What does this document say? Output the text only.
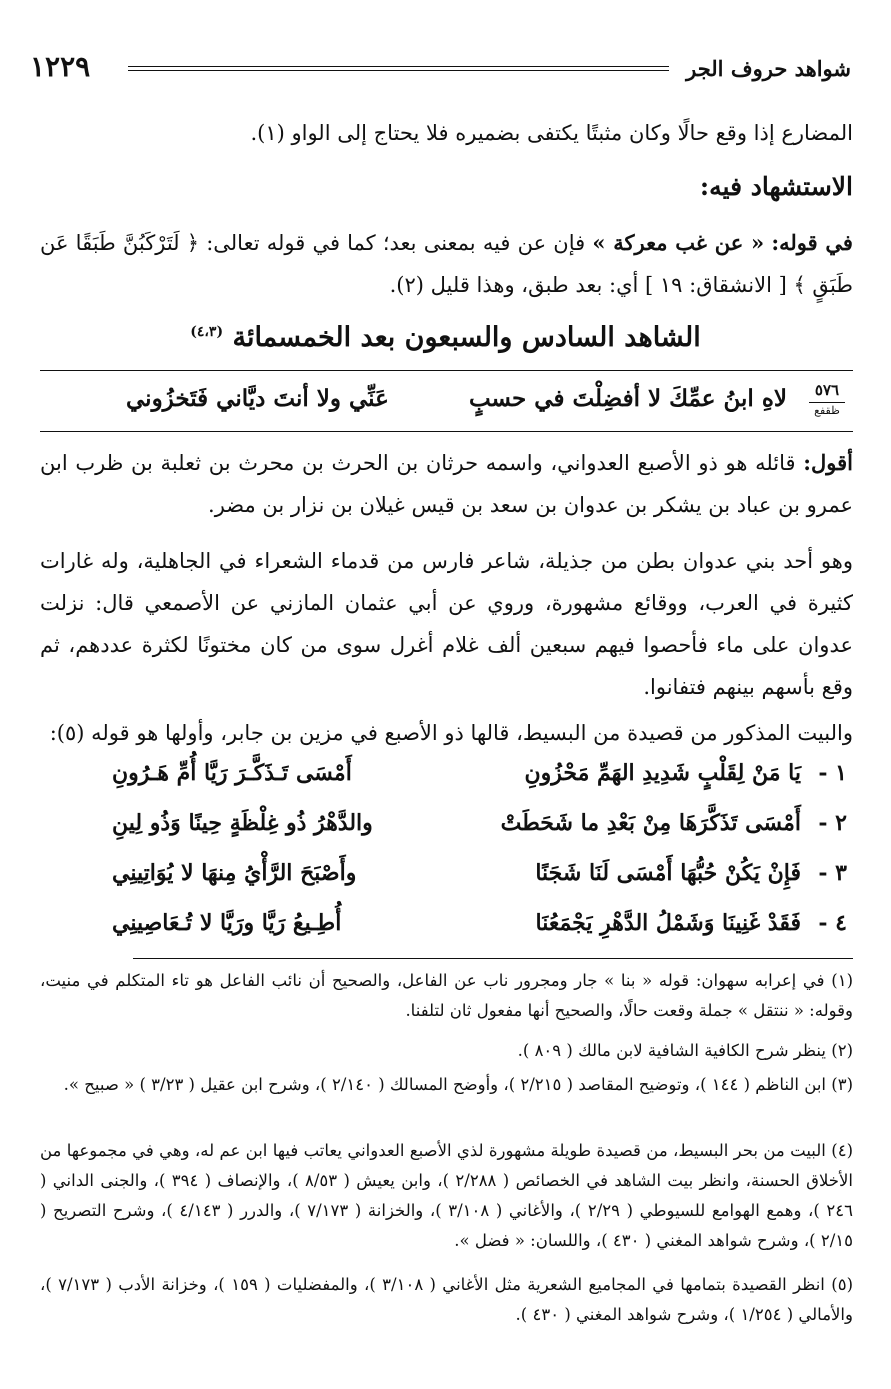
شواهد حروف الجر
١٢٢٩

المضارع إذا وقع حالًا وكان مثبتًا يكتفى بضميره فلا يحتاج إلى الواو (١).

الاستشهاد فيه:

في قوله: « عن غب معركة » فإن عن فيه بمعنى بعد؛ كما في قوله تعالى: ﴿ لَتَرْكَبُنَّ طَبَقًا عَن طَبَقٍ ﴾ [ الانشقاق: ١٩ ] أي: بعد طبق، وهذا قليل (٢).

الشاهد السادس والسبعون بعد الخمسمائة $^{(٤،٣)}$
٥٧٦
ظقفع
لاهِ ابنُ عمِّكَ لا أفضِلْتَ في حسبٍ
عَنِّي ولا أنتَ ديَّاني فَتَخزُوني

أقول: قائله هو ذو الأصبع العدواني، واسمه حرثان بن الحرث بن محرث بن ثعلبة بن ظرب ابن عمرو بن عباد بن يشكر بن عدوان بن سعد بن قيس غيلان بن نزار بن مضر.

وهو أحد بني عدوان بطن من جذيلة، شاعر فارس من قدماء الشعراء في الجاهلية، وله غارات كثيرة في العرب، ووقائع مشهورة، وروي عن أبي عثمان المازني عن الأصمعي قال: نزلت عدوان على ماء فأحصوا فيهم سبعين ألف غلام أغرل سوى من كان مختونًا لكثرة عددهم، ثم وقع بأسهم بينهم فتفانوا.

والبيت المذكور من قصيدة من البسيط، قالها ذو الأصبع في مزين بن جابر، وأولها هو قوله (٥):

١ -
يَا مَنْ لِقَلْبٍ شَدِيدِ الهَمِّ مَحْزُونِ
أَمْسَى تَـذَكَّـرَ رَيَّا أُمِّ هَـرُونِ
٢ -
أَمْسَى تَذَكَّرَهَا مِنْ بَعْدِ ما شَحَطَتْ
والدَّهْرُ ذُو غِلْظَةٍ حِينًا وَذُو لِينِ
٣ -
فَإِنْ يَكُنْ حُبُّهَا أَمْسَى لَنَا شَجَنًا
وأَصْبَحَ الرَّأْيُ مِنهَا لا يُوَاتِينِي
٤ -
فَقَدْ غَنِينَا وَشَمْلُ الدَّهْرِ يَجْمَعُنَا
أُطِـيعُ رَيَّا ورَيَّا لا تُـعَاصِينِي

(١) في إعرابه سهوان: قوله « بنا » جار ومجرور ناب عن الفاعل، والصحيح أن نائب الفاعل هو تاء المتكلم في منيت، وقوله: « ننتقل » جملة وقعت حالًا، والصحيح أنها مفعول ثان لتلفنا.

(٢) ينظر شرح الكافية الشافية لابن مالك ( ٨٠٩ ).

(٣) ابن الناظم ( ١٤٤ )، وتوضيح المقاصد ( ٢/٢١٥ )، وأوضح المسالك ( ٢/١٤٠ )، وشرح ابن عقيل ( ٣/٢٣ ) « صبيح ».

(٤) البيت من بحر البسيط، من قصيدة طويلة مشهورة لذي الأصبع العدواني يعاتب فيها ابن عم له، وهي في مجموعها من الأخلاق الحسنة، وانظر بيت الشاهد في الخصائص ( ٢/٢٨٨ )، وابن يعيش ( ٨/٥٣ )، والإنصاف ( ٣٩٤ )، والجنى الداني ( ٢٤٦ )، وهمع الهوامع للسيوطي ( ٢/٢٩ )، والأغاني ( ٣/١٠٨ )، والخزانة ( ٧/١٧٣ )، والدرر ( ٤/١٤٣ )، وشرح التصريح ( ٢/١٥ )، وشرح شواهد المغني ( ٤٣٠ )، واللسان: « فضل ».

(٥) انظر القصيدة بتمامها في المجاميع الشعرية مثل الأغاني ( ٣/١٠٨ )، والمفضليات ( ١٥٩ )، وخزانة الأدب ( ٧/١٧٣ )، والأمالي ( ١/٢٥٤ )، وشرح شواهد المغني ( ٤٣٠ ).
